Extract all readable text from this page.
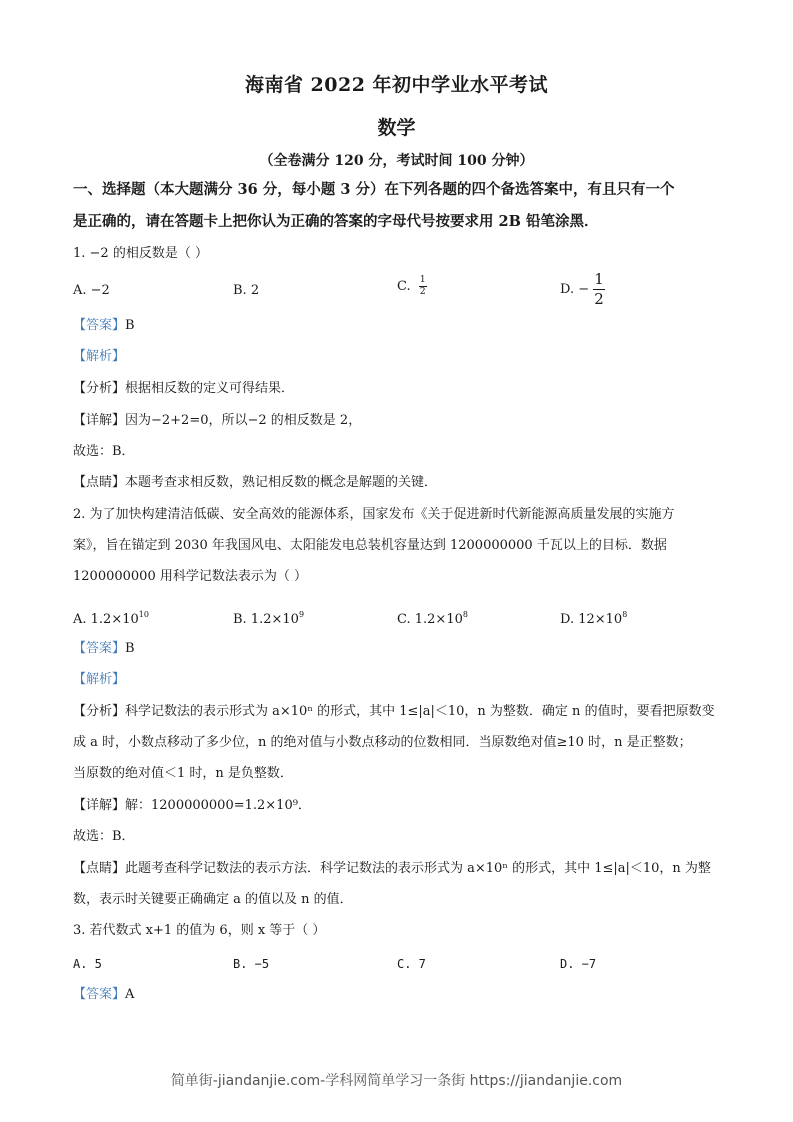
海南省 2022 年初中学业水平考试
数学
（全卷满分 120 分，考试时间 100 分钟）
一、选择题（本大题满分 36 分，每小题 3 分）在下列各题的四个备选答案中，有且只有一个
是正确的，请在答题卡上把你认为正确的答案的字母代号按要求用 2B 铅笔涂黑．
1. −2 的相反数是（ ）
A. −2	B. 2	C. $\frac{1}{2}$	D. − $\frac{1}{2}$
【答案】B
【解析】
【分析】根据相反数的定义可得结果．
【详解】因为−2+2=0，所以−2 的相反数是 2，
故选：B．
【点睛】本题考查求相反数，熟记相反数的概念是解题的关键．
2. 为了加快构建清洁低碳、安全高效的能源体系，国家发布《关于促进新时代新能源高质量发展的实施方
案》，旨在锚定到 2030 年我国风电、太阳能发电总装机容量达到 1200000000 千瓦以上的目标．数据
1200000000 用科学记数法表示为（ ）
A. $1.2\times 10^{10}$	B. $1.2\times 10^9$	C. $1.2\times 10^8$	D. $12\times 10^8$
【答案】B
【解析】
【分析】科学记数法的表示形式为 a×10ⁿ 的形式，其中 1≤|a|＜10，n 为整数．确定 n 的值时，要看把原数变
成 a 时，小数点移动了多少位，n 的绝对值与小数点移动的位数相同．当原数绝对值≥10 时，n 是正整数；
当原数的绝对值＜1 时，n 是负整数．
【详解】解：1200000000=1.2×10⁹．
故选：B．
【点睛】此题考查科学记数法的表示方法．科学记数法的表示形式为 a×10ⁿ 的形式，其中 1≤|a|＜10，n 为整
数，表示时关键要正确确定 a 的值以及 n 的值．
3. 若代数式 x+1 的值为 6，则 x 等于（ ）
A. 5	B. −5	C. 7	D. −7
【答案】A
简单街-jiandanjie.com-学科网简单学习一条街 https://jiandanjie.com
